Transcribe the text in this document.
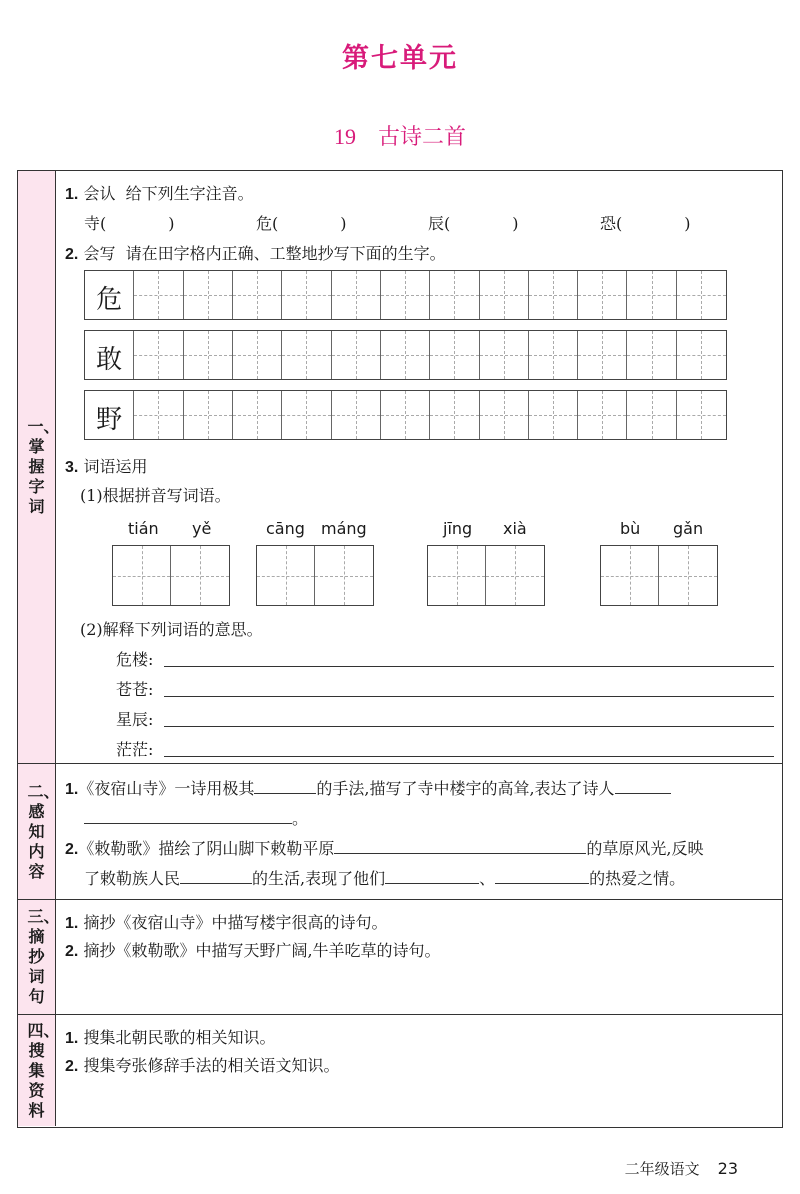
第七单元
19 古诗二首
一、掌握字词
1. 会认 给下列生字注音。
寺(	)	危(	)	辰(	)	恐(	)
2. 会写 请在田字格内正确、工整地抄写下面的生字。
危
敢
野
3. 词语运用
(1)根据拼音写词语。
tián yě	cāng máng	jīng xià	bù gǎn
(2)解释下列词语的意思。
危楼:
苍苍:
星辰:
茫茫:
二、感知内容
1.《夜宿山寺》一诗用极其	的手法,描写了寺中楼宇的高耸,表达了诗人
。
2.《敕勒歌》描绘了阴山脚下敕勒平原	的草原风光,反映
了敕勒族人民	的生活,表现了他们	、	的热爱之情。
三、摘抄词句
1. 摘抄《夜宿山寺》中描写楼宇很高的诗句。
2. 摘抄《敕勒歌》中描写天野广阔,牛羊吃草的诗句。
四、搜集资料
1. 搜集北朝民歌的相关知识。
2. 搜集夸张修辞手法的相关语文知识。
二年级语文 23
